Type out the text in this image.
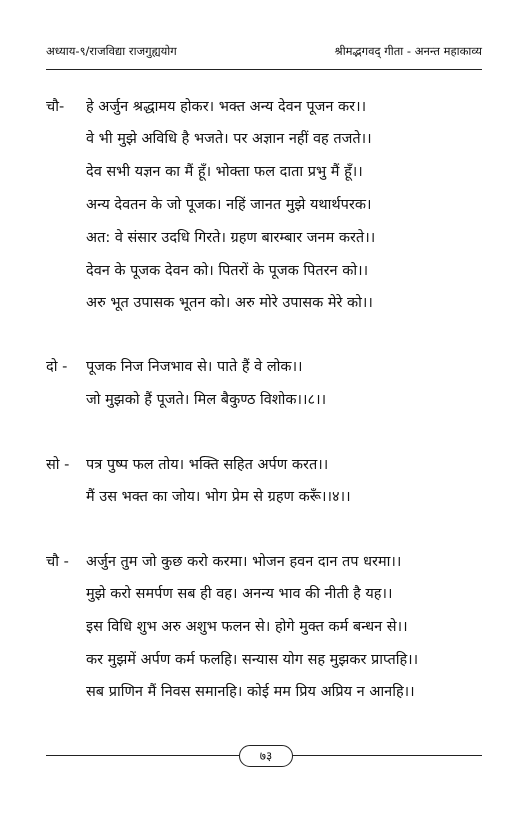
अध्याय-९/राजविद्या राजगुह्ययोग	श्रीमद्भगवद् गीता - अनन्त महाकाव्य
चौ- हे अर्जुन श्रद्धामय होकर। भक्त अन्य देवन पूजन कर।।
वे भी मुझे अविधि है भजते। पर अज्ञान नहीं वह तजते।।
देव सभी यज्ञन का मैं हूँ। भोक्ता फल दाता प्रभु मैं हूँ।।
अन्य देवतन के जो पूजक। नहिं जानत मुझे यथार्थपरक।
अत: वे संसार उदधि गिरते। ग्रहण बारम्बार जनम करते।।
देवन के पूजक देवन को। पितरों के पूजक पितरन को।।
अरु भूत उपासक भूतन को। अरु मोरे उपासक मेरे को।।
दो - पूजक निज निजभाव से। पाते हैं वे लोक।।
जो मुझको हैं पूजते। मिल बैकुण्ठ विशोक।।८।।
सो - पत्र पुष्प फल तोय। भक्ति सहित अर्पण करत।।
मैं उस भक्त का जोय। भोग प्रेम से ग्रहण करूँ।।४।।
चौ - अर्जुन तुम जो कुछ करो करमा। भोजन हवन दान तप धरमा।।
मुझे करो समर्पण सब ही वह। अनन्य भाव की नीती है यह।।
इस विधि शुभ अरु अशुभ फलन से। होगे मुक्त कर्म बन्धन से।।
कर मुझमें अर्पण कर्म फलहि। सन्यास योग सह मुझकर प्राप्तहि।।
सब प्राणिन मैं निवस समानहि। कोई मम प्रिय अप्रिय न आनहि।।
७३
